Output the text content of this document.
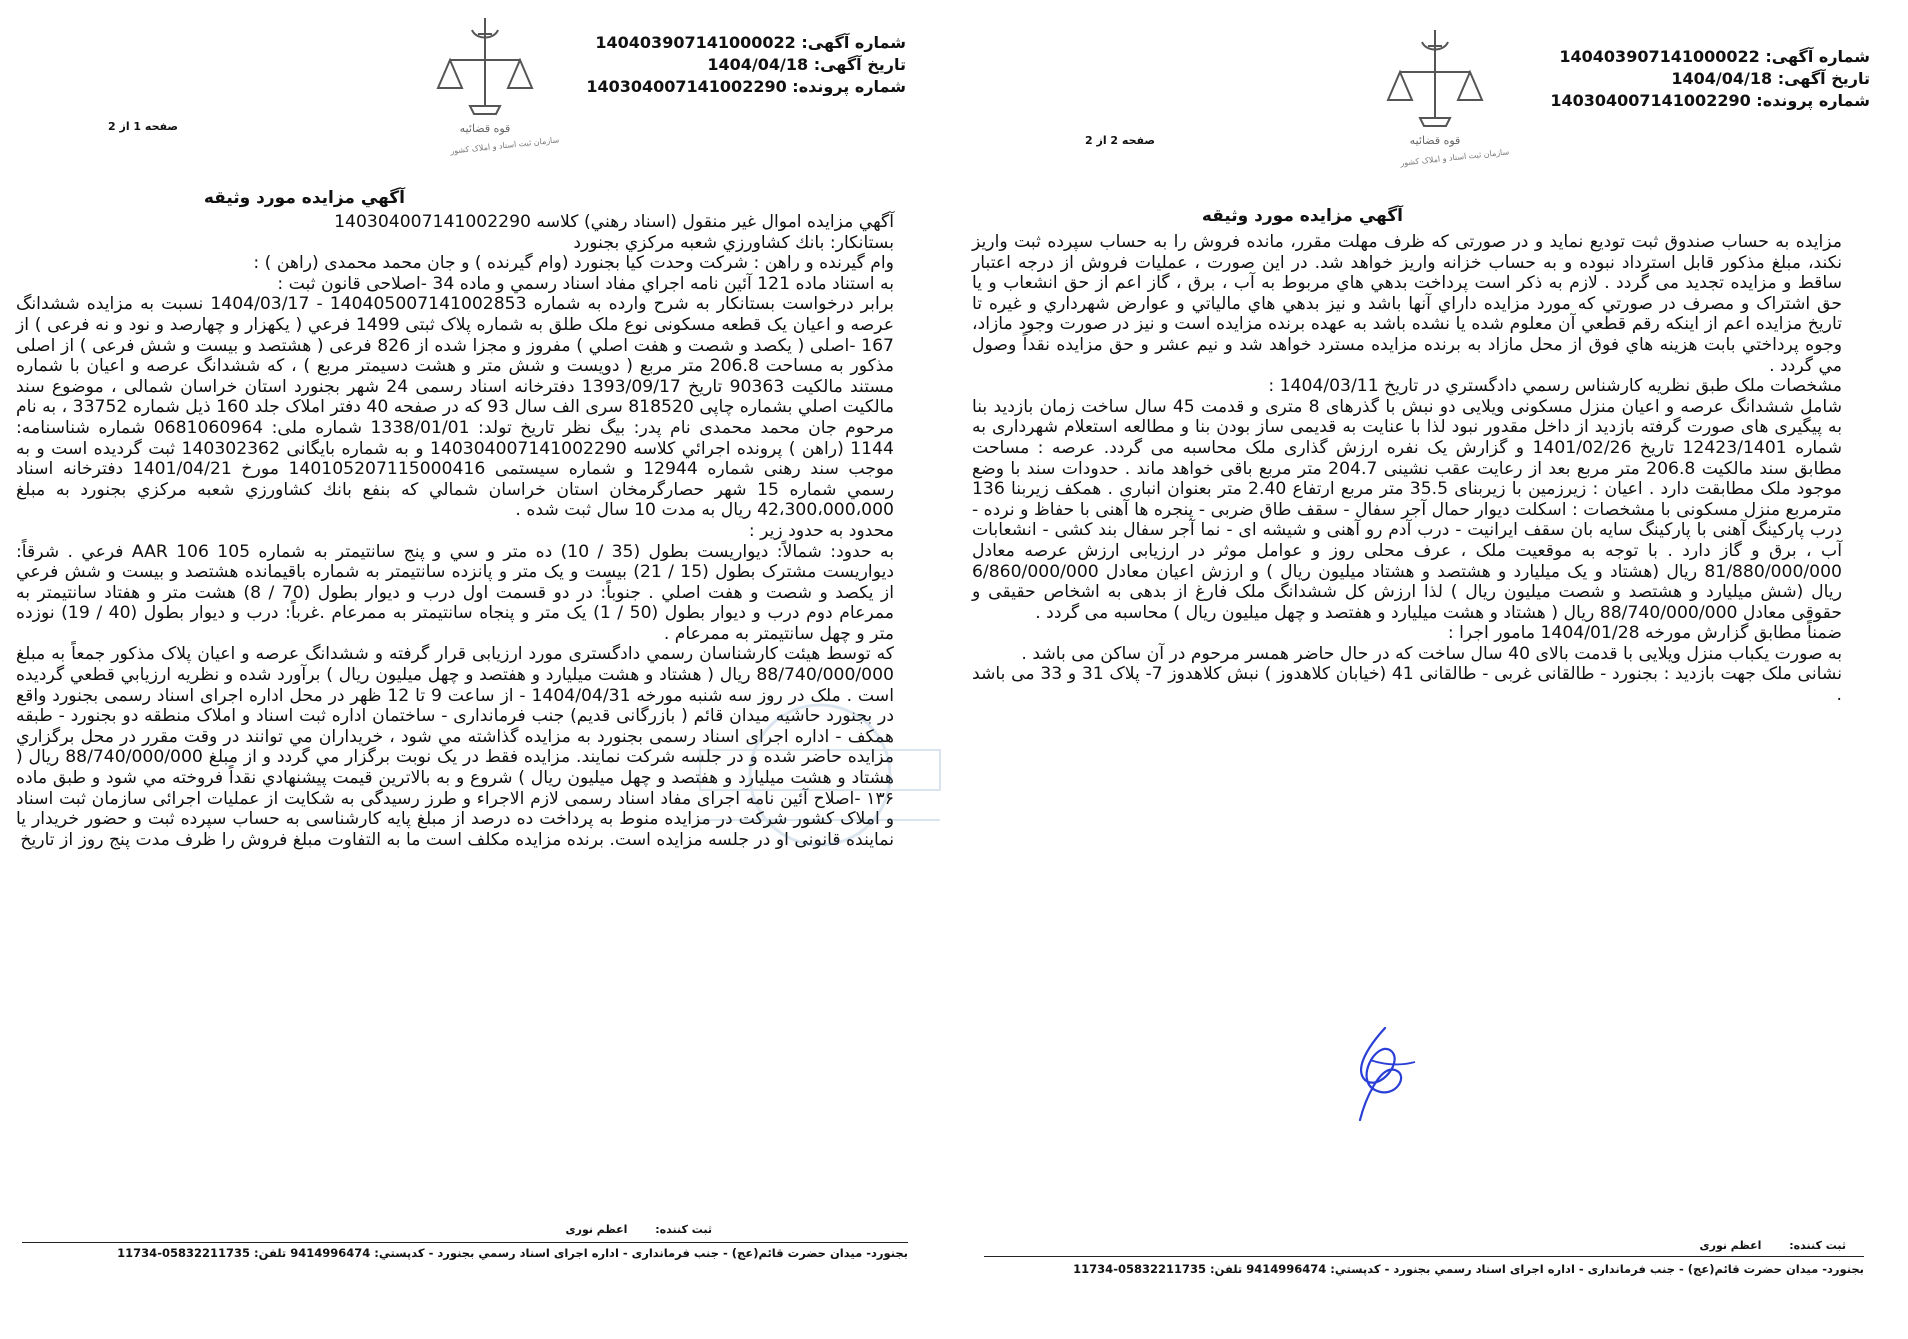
قوه قضائیه
سازمان ثبت اسناد و املاک کشور
شماره آگهی: 140403907141000022
تاریخ آگهی: 1404/04/18
شماره پرونده: 140304007141002290
صفحه 1 از 2
آگهي مزايده مورد وثيقه

آگهي مزايده اموال غير منقول (اسناد رهني) كلاسه 140304007141002290

بستانكار: بانك كشاورزي شعبه مركزي بجنورد

وام گيرنده و راهن : شركت وحدت كيا بجنورد (وام گيرنده ) و جان محمد محمدى (راهن ) :

به استناد ماده 121 آئين نامه اجراي مفاد اسناد رسمي و ماده 34 -اصلاحی قانون ثبت :

برابر درخواست بستانكار به شرح وارده به شماره 140405007141002853 - 1404/03/17 نسبت به مزايده ششدانگ عرصه و اعيان يک قطعه مسکونی نوع ملک طلق به شماره پلاک ثبتی 1499 فرعي ( يكهزار و چهارصد و نود و نه فرعی ) از 167 -اصلی ( يكصد و شصت و هفت اصلي ) مفروز و مجزا شده از 826 فرعی ( هشتصد و بيست و شش فرعی ) از اصلی مذکور به مساحت 206.8 متر مربع ( دويست و شش متر و هشت دسيمتر مربع ) ، كه ششدانگ عرصه و اعيان با شماره مستند مالكيت 90363 تاريخ 1393/09/17 دفترخانه اسناد رسمی 24 شهر بجنورد استان خراسان شمالی ، موضوع سند مالکيت اصلي بشماره چاپی 818520 سری الف سال 93 كه در صفحه 40 دفتر املاک جلد 160 ذيل شماره 33752 ، به نام مرحوم جان محمد محمدی نام پدر: بيگ نظر تاريخ تولد: 1338/01/01 شماره ملی: 0681060964 شماره شناسنامه: 1144 (راهن ) پرونده اجرائي كلاسه 140304007141002290 و به شماره بايگانی 140302362 ثبت گرديده است و به موجب سند رهنی شماره 12944 و شماره سيستمی 140105207115000416 مورخ 1401/04/21 دفترخانه اسناد رسمي شماره 15 شهر حصارگرمخان استان خراسان شمالي كه بنفع بانك كشاورزي شعبه مركزي بجنورد به مبلغ 42،300،000،000 ريال به مدت 10 سال ثبت شده .

محدود به حدود زير :

به حدود: شمالاً: ديواريست بطول (35 / 10) ده متر و سي و پنج سانتيمتر به شماره 105 AAR 106 فرعي . شرقاً: ديواريست مشترک بطول (15 / 21) بيست و يک متر و پانزده سانتيمتر به شماره باقيمانده هشتصد و بيست و شش فرعي از يكصد و شصت و هفت اصلي . جنوباً: در دو قسمت اول درب و ديوار بطول (70 / 8) هشت متر و هفتاد سانتيمتر به ممرعام دوم درب و ديوار بطول (50 / 1) يک متر و پنجاه سانتيمتر به ممرعام .غرباً: درب و ديوار بطول (40 / 19) نوزده متر و چهل سانتيمتر به ممرعام .

كه توسط هيئت كارشناسان رسمي دادگستری مورد ارزيابی قرار گرفته و ششدانگ عرصه و اعيان پلاک مذكور جمعاً به مبلغ 88/740/000/000 ريال ( هشتاد و هشت ميليارد و هفتصد و چهل ميليون ريال ) برآورد شده و نظريه ارزيابي قطعي گرديده است . ملک در روز سه شنبه مورخه 1404/04/31 - از ساعت 9 تا 12 ظهر در محل اداره اجرای اسناد رسمی بجنورد واقع در بجنورد حاشيه ميدان قائم ( بازرگانی قديم) جنب فرمانداری - ساختمان اداره ثبت اسناد و املاک منطقه دو بجنورد - طبقه همکف - اداره اجرای اسناد رسمی بجنورد به مزايده گذاشته مي شود ، خريداران مي توانند در وقت مقرر در محل برگزاري مزايده حاضر شده و در جلسه شركت نمايند. مزايده فقط در يک نوبت برگزار مي گردد و از مبلغ 88/740/000/000 ريال ( هشتاد و هشت ميليارد و هفتصد و چهل ميليون ريال ) شروع و به بالاترين قيمت پيشنهادي نقداً فروخته مي شود و طبق ماده ۱۳۶ -اصلاح آئين نامه اجرای مفاد اسناد رسمی لازم الاجراء و طرز رسيدگی به شکايت از عمليات اجرائی سازمان ثبت اسناد و املاک كشور شركت در مزايده منوط به پرداخت ده درصد از مبلغ پايه كارشناسی به حساب سپرده ثبت و حضور خريدار يا نماينده قانونی او در جلسه مزايده است. برنده مزايده مكلف است ما به التفاوت مبلغ فروش را ظرف مدت پنج روز از تاريخ

ثبت كننده: اعظم نوری
بجنورد- ميدان حضرت قائم(عج) - جنب فرمانداری - اداره اجرای اسناد رسمي بجنورد - كدپستي: 9414996474 تلفن: 05832211735-11734
قوه قضائیه
سازمان ثبت اسناد و املاک کشور
شماره آگهی: 140403907141000022
تاریخ آگهی: 1404/04/18
شماره پرونده: 140304007141002290
صفحه 2 از 2
آگهي مزايده مورد وثيقه

مزايده به حساب صندوق ثبت توديع نمايد و در صورتی كه ظرف مهلت مقرر، مانده فروش را به حساب سپرده ثبت واريز نكند، مبلغ مذکور قابل استرداد نبوده و به حساب خزانه واريز خواهد شد. در اين صورت ، عمليات فروش از درجه اعتبار ساقط و مزايده تجديد می گردد . لازم به ذكر است پرداخت بدهي هاي مربوط به آب ، برق ، گاز اعم از حق انشعاب و يا حق اشتراک و مصرف در صورتي كه مورد مزايده داراي آنها باشد و نيز بدهي هاي مالياتي و عوارض شهرداري و غيره تا تاريخ مزايده اعم از اينكه رقم قطعي آن معلوم شده يا نشده باشد به عهده برنده مزايده است و نيز در صورت وجود مازاد، وجوه پرداختي بابت هزينه هاي فوق از محل مازاد به برنده مزايده مسترد خواهد شد و نيم عشر و حق مزايده نقداً وصول مي گردد .

مشخصات ملک طبق نظريه كارشناس رسمي دادگستري در تاريخ 1404/03/11 :

شامل ششدانگ عرصه و اعيان منزل مسكونی ويلايی دو نبش با گذرهای 8 متری و قدمت 45 سال ساخت زمان بازديد بنا به پيگيری های صورت گرفته بازديد از داخل مقدور نبود لذا با عنايت به قديمی ساز بودن بنا و مطالعه استعلام شهرداری به شماره 12423/1401 تاريخ 1401/02/26 و گزارش يک نفره ارزش گذاری ملک محاسبه می گردد. عرصه : مساحت مطابق سند مالكيت 206.8 متر مربع بعد از رعايت عقب نشينی 204.7 متر مربع باقی خواهد ماند . حدودات سند با وضع موجود ملک مطابقت دارد . اعيان : زيرزمين با زيربنای 35.5 متر مربع ارتفاع 2.40 متر بعنوان انباری . همكف زيربنا 136 مترمربع منزل مسكونی با مشخصات : اسكلت ديوار حمال آجر سفال - سقف طاق ضربی - پنجره ها آهنی با حفاظ و نرده - درب پاركينگ آهنی با پاركينگ سايه بان سقف ايرانيت - درب آدم رو آهنی و شيشه ای - نما آجر سفال بند كشی - انشعابات آب ، برق و گاز دارد . با توجه به موقعيت ملک ، عرف محلی روز و عوامل موثر در ارزيابی ارزش عرصه معادل 81/880/000/000 ريال (هشتاد و يک ميليارد و هشتصد و هشتاد ميليون ريال ) و ارزش اعيان معادل 6/860/000/000 ريال (شش ميليارد و هشتصد و شصت ميليون ريال ) لذا ارزش كل ششدانگ ملک فارغ از بدهی به اشخاص حقيقی و حقوقی معادل 88/740/000/000 ريال ( هشتاد و هشت ميليارد و هفتصد و چهل ميليون ريال ) محاسبه می گردد .

ضمناً مطابق گزارش مورخه 1404/01/28 مامور اجرا :

به صورت يكباب منزل ويلايی با قدمت بالای 40 سال ساخت كه در حال حاضر همسر مرحوم در آن ساكن می باشد .

نشانی ملک جهت بازديد : بجنورد - طالقانی غربی - طالقانی 41 (خيابان كلاهدوز ) نبش كلاهدوز 7- پلاک 31 و 33 می باشد .

ثبت كننده: اعظم نوری
بجنورد- ميدان حضرت قائم(عج) - جنب فرمانداری - اداره اجرای اسناد رسمي بجنورد - كدپستي: 9414996474 تلفن: 05832211735-11734
